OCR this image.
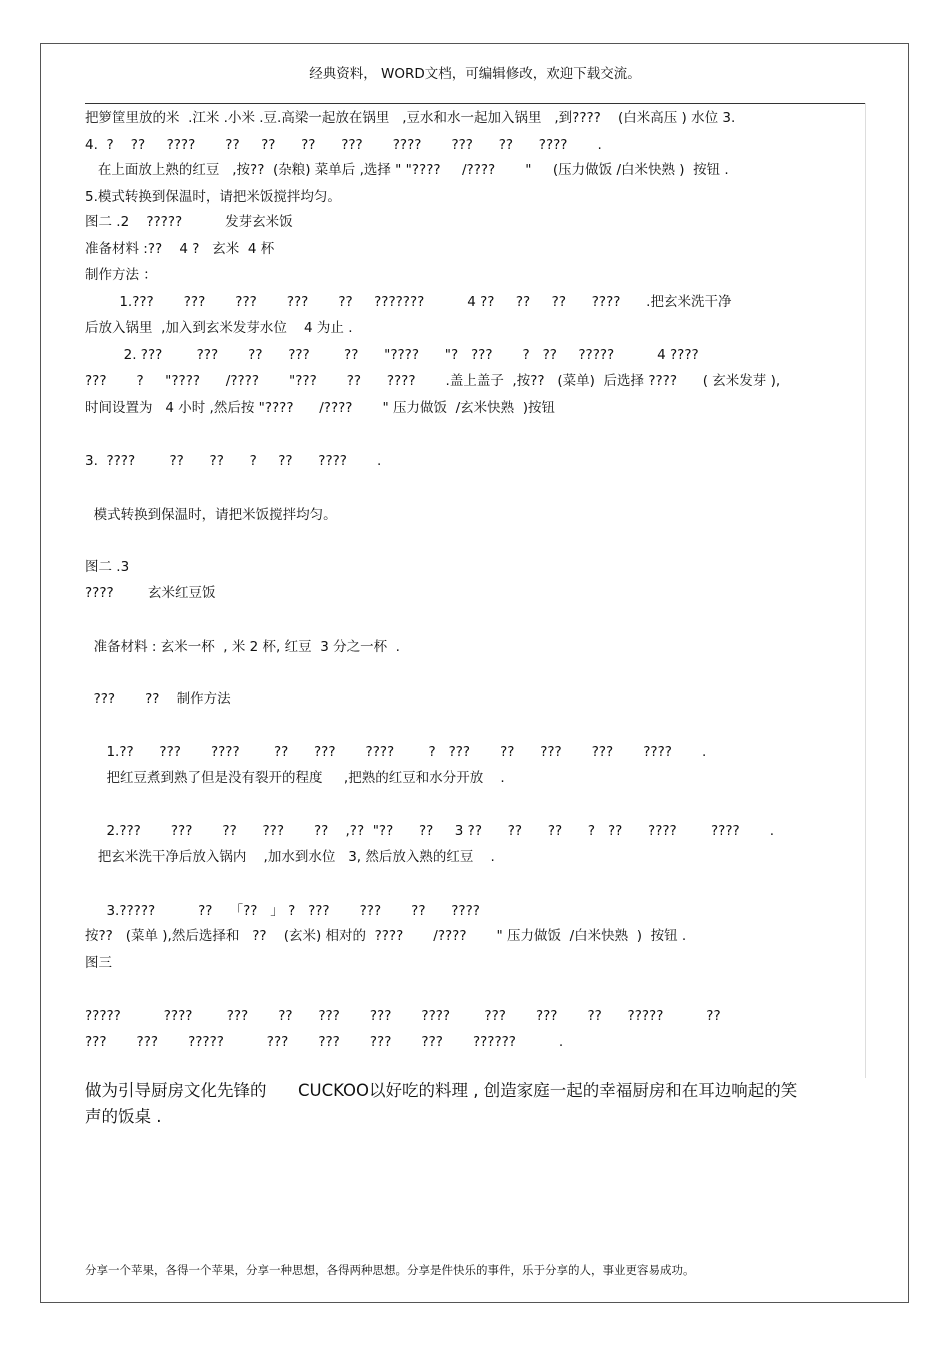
经典资料， WORD文档，可编辑修改，欢迎下载交流。
把箩筐里放的米  .江米 .小米 .豆.高梁一起放在锅里   ,豆水和水一起加入锅里   ,到????    (白米高压 ) 水位 3.
4.  ?    ??     ????       ??     ??      ??      ???       ????       ???      ??      ????       .
在上面放上熟的红豆   ,按??  (杂粮) 菜单后 ,选择 " "????     /????       "     (压力做饭 /白米快熟 )  按钮 .
5.模式转换到保温时，请把米饭搅拌均匀。
图二 .2    ?????          发芽玄米饭
准备材料 :??    4 ?   玄米  4 杯
制作方法 ：
1.???       ???       ???       ???       ??     ???????          4 ??     ??     ??      ????      .把玄米洗干净
后放入锅里  ,加入到玄米发芽水位    4 为止 .
2. ???        ???       ??      ???        ??      "????      "?   ???       ?   ??     ?????          4 ????
???       ?     "????      /????       "???       ??      ????       .盖上盖子  ,按??   (菜单)  后选择 ????      ( 玄米发芽 ),
时间设置为   4 小时 ,然后按 "????      /????       " 压力做饭  /玄米快熟  )按钮
3.  ????        ??      ??      ?     ??      ????       .
模式转换到保温时，请把米饭搅拌均匀。
图二 .3
????        玄米红豆饭
准备材料 : 玄米一杯  , 米 2 杯, 红豆  3 分之一杯  .
???       ??    制作方法
1.??      ???       ????        ??      ???       ????        ?   ???       ??      ???       ???       ????       .
把红豆煮到熟了但是没有裂开的程度     ,把熟的红豆和水分开放    .
2.???       ???       ??      ???       ??    ,??  "??      ??     3 ??      ??      ??      ?   ??      ????        ????       .
把玄米洗干净后放入锅内    ,加水到水位   3, 然后放入熟的红豆    .
3.?????          ??    「??   」 ?   ???       ???       ??      ????
按??   (菜单 ),然后选择和   ??    (玄米) 相对的  ????       /????       " 压力做饭  /白米快熟  )  按钮 .
图三
?????          ????        ???       ??      ???       ???       ????        ???       ???       ??      ?????          ??
???       ???       ?????          ???       ???       ???       ???       ??????          .
做为引导厨房文化先锋的      CUCKOO以好吃的料理 , 创造家庭一起的幸福厨房和在耳边响起的笑
声的饭桌 .
分享一个苹果，各得一个苹果，分享一种思想，各得两种思想。分享是件快乐的事件，乐于分享的人，事业更容易成功。
